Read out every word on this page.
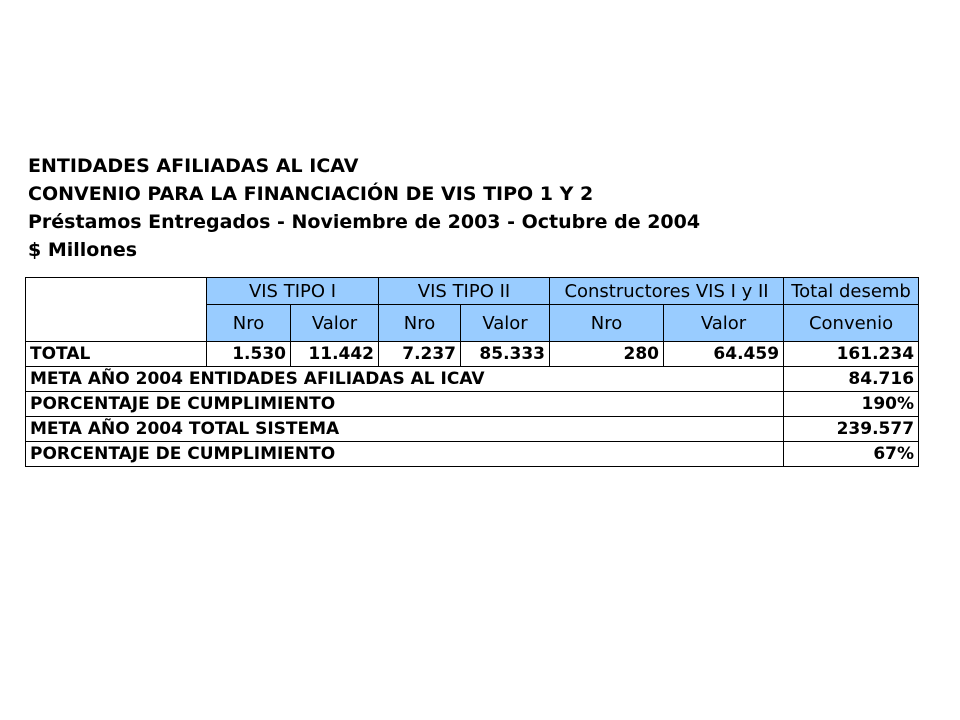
ENTIDADES AFILIADAS AL ICAV
CONVENIO PARA LA FINANCIACIÓN DE VIS TIPO 1 Y 2
Préstamos Entregados - Noviembre de 2003 - Octubre de 2004
$ Millones
	VIS TIPO I		VIS TIPO II		Constructores VIS I y II		Total desemb
	Nro	Valor	Nro	Valor	Nro	Valor	Convenio
TOTAL	1.530	11.442	7.237	85.333	280	64.459	161.234
META AÑO 2004 ENTIDADES AFILIADAS AL ICAV							84.716
PORCENTAJE DE CUMPLIMIENTO							190%
META AÑO 2004 TOTAL SISTEMA							239.577
PORCENTAJE DE CUMPLIMIENTO							67%
